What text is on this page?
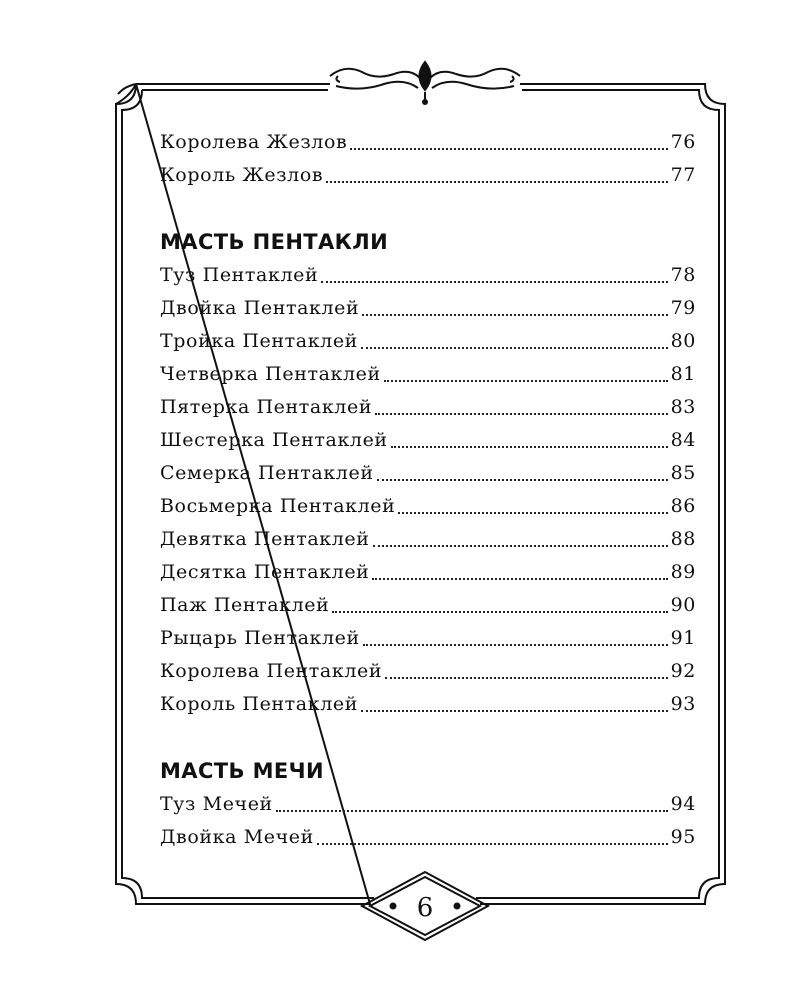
Королева Жезлов	76
Король Жезлов	77
МАСТЬ ПЕНТАКЛИ
Туз Пентаклей	78
Двойка Пентаклей	79
Тройка Пентаклей	80
Четверка Пентаклей	81
Пятерка Пентаклей	83
Шестерка Пентаклей	84
Семерка Пентаклей	85
Восьмерка Пентаклей	86
Девятка Пентаклей	88
Десятка Пентаклей	89
Паж Пентаклей	90
Рыцарь Пентаклей	91
Королева Пентаклей	92
Король Пентаклей	93
МАСТЬ МЕЧИ
Туз Мечей	94
Двойка Мечей	95
6
